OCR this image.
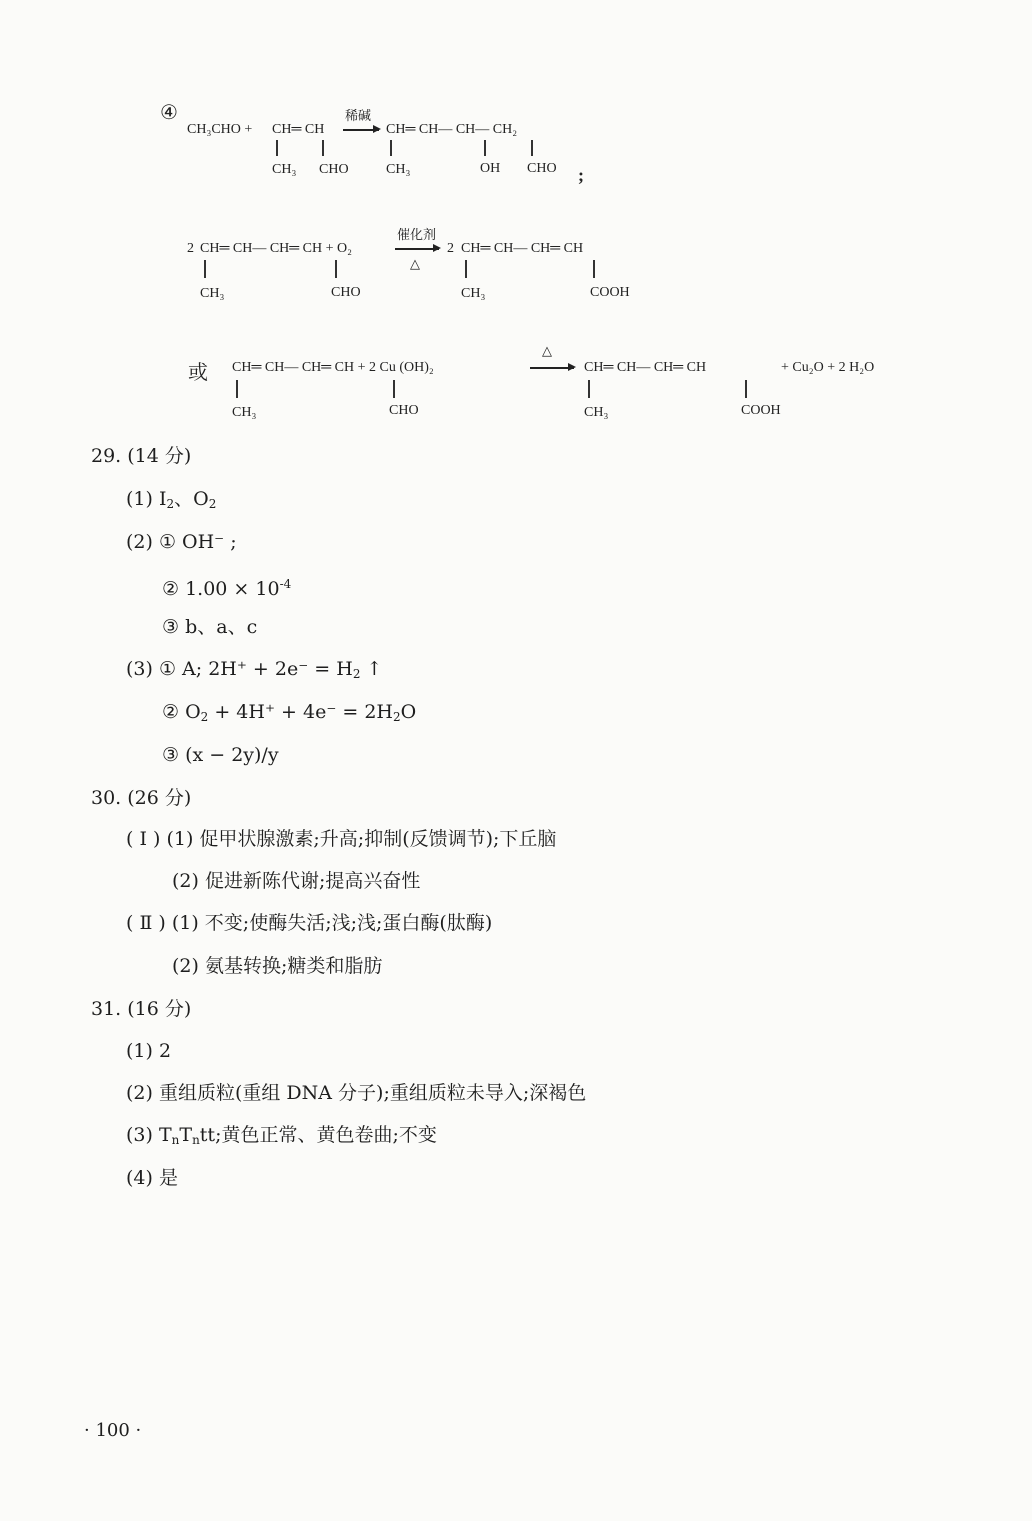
④
CH₃CHO + CH═ CH
CH₃ CHO
稀碱
→ CH═ CH— CH— CH₂
CH₃	OH CHO ;
2 CH═ CH— CH═ CH + O₂
CH₃	CHO
催化剂
△
2 CH═ CH— CH═ CH
CH₃	COOH
或 CH═ CH— CH═ CH + 2 Cu (OH)₂
CH₃	CHO
△
→ CH═ CH— CH═ CH	+ Cu₂O + 2 H₂O
CH₃	COOH
29. (14 分)
(1) $I_2$、$O_2$
(2) ① OH⁻ ;
② $1.00 \times 10^{-4}$
③ b、a、c
(3) ① A; $2H^+ + 2e^- = H_2$ ↑
② $O_2 + 4H^+ + 4e^- = 2H_2O$
③ (x − 2y)/y
30. (26 分)
( Ⅰ ) (1) 促甲状腺激素;升高;抑制(反馈调节);下丘脑
(2) 促进新陈代谢;提高兴奋性
( Ⅱ ) (1) 不变;使酶失活;浅;浅;蛋白酶(肽酶)
(2) 氨基转换;糖类和脂肪
31. (16 分)
(1) 2
(2) 重组质粒(重组 DNA 分子);重组质粒未导入;深褐色
(3) $T_nT_ntt$;黄色正常、黄色卷曲;不变
(4) 是
· 100 ·
